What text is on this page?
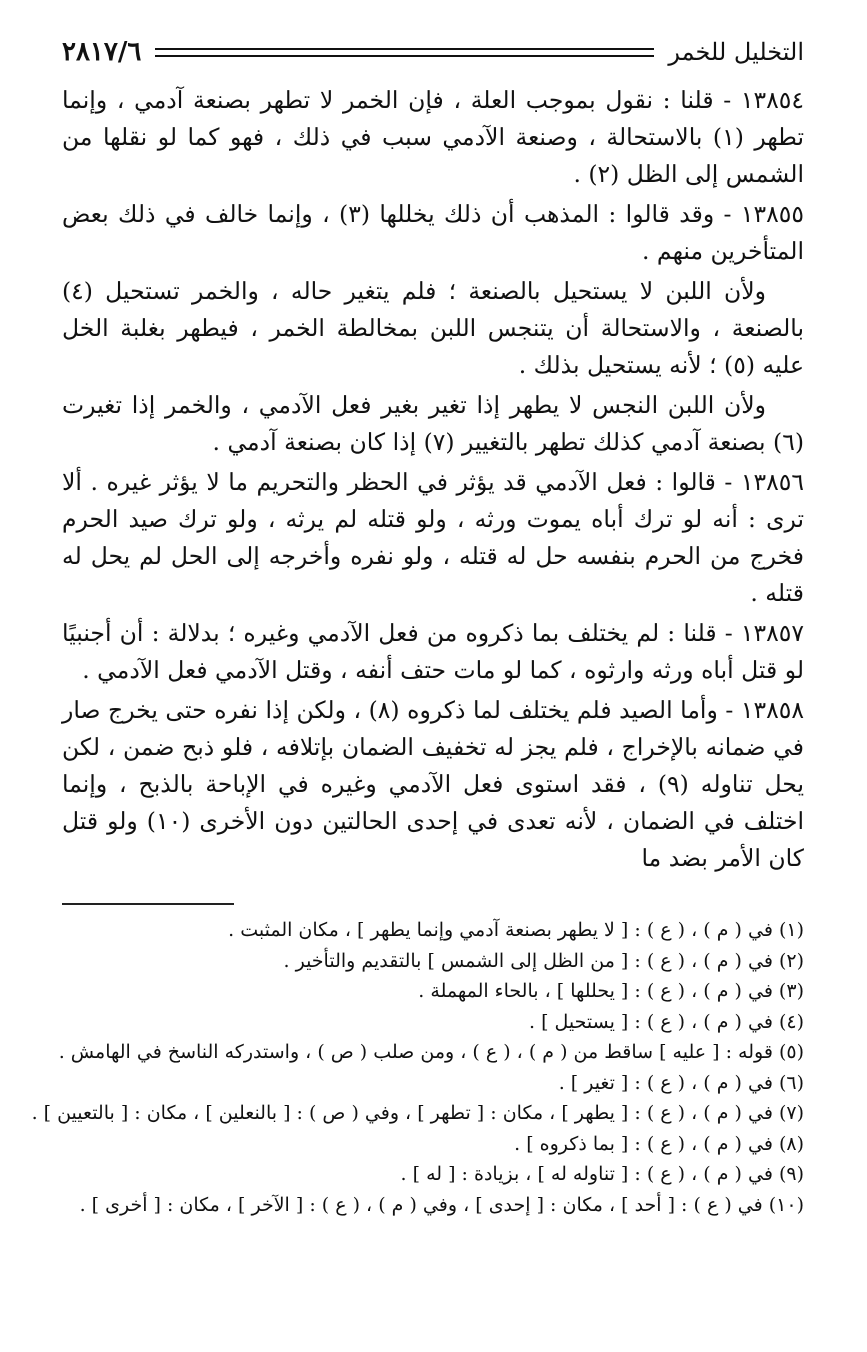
التخليل للخمر
٢٨١٧/٦

١٣٨٥٤ - قلنا : نقول بموجب العلة ، فإن الخمر لا تطهر بصنعة آدمي ، وإنما تطهر (١) بالاستحالة ، وصنعة الآدمي سبب في ذلك ، فهو كما لو نقلها من الشمس إلى الظل (٢) .

١٣٨٥٥ - وقد قالوا : المذهب أن ذلك يخللها (٣) ، وإنما خالف في ذلك بعض المتأخرين منهم .

ولأن اللبن لا يستحيل بالصنعة ؛ فلم يتغير حاله ، والخمر تستحيل (٤) بالصنعة ، والاستحالة أن يتنجس اللبن بمخالطة الخمر ، فيطهر بغلبة الخل عليه (٥) ؛ لأنه يستحيل بذلك .

ولأن اللبن النجس لا يطهر إذا تغير بغير فعل الآدمي ، والخمر إذا تغيرت (٦) بصنعة آدمي كذلك تطهر بالتغيير (٧) إذا كان بصنعة آدمي .

١٣٨٥٦ - قالوا : فعل الآدمي قد يؤثر في الحظر والتحريم ما لا يؤثر غيره . ألا ترى : أنه لو ترك أباه يموت ورثه ، ولو قتله لم يرثه ، ولو ترك صيد الحرم فخرج من الحرم بنفسه حل له قتله ، ولو نفره وأخرجه إلى الحل لم يحل له قتله .

١٣٨٥٧ - قلنا : لم يختلف بما ذكروه من فعل الآدمي وغيره ؛ بدلالة : أن أجنبيًا لو قتل أباه ورثه وارثوه ، كما لو مات حتف أنفه ، وقتل الآدمي فعل الآدمي .

١٣٨٥٨ - وأما الصيد فلم يختلف لما ذكروه (٨) ، ولكن إذا نفره حتى يخرج صار في ضمانه بالإخراج ، فلم يجز له تخفيف الضمان بإتلافه ، فلو ذبح ضمن ، لكن يحل تناوله (٩) ، فقد استوى فعل الآدمي وغيره في الإباحة بالذبح ، وإنما اختلف في الضمان ، لأنه تعدى في إحدى الحالتين دون الأخرى (١٠) ولو قتل كان الأمر بضد ما

(١) في ( م ) ، ( ع ) : [ لا يطهر بصنعة آدمي وإنما يطهر ] ، مكان المثبت .
(٢) في ( م ) ، ( ع ) : [ من الظل إلى الشمس ] بالتقديم والتأخير .
(٣) في ( م ) ، ( ع ) : [ يحللها ] ، بالحاء المهملة .
(٤) في ( م ) ، ( ع ) : [ يستحيل ] .
(٥) قوله : [ عليه ] ساقط من ( م ) ، ( ع ) ، ومن صلب ( ص ) ، واستدركه الناسخ في الهامش .
(٦) في ( م ) ، ( ع ) : [ تغير ] .
(٧) في ( م ) ، ( ع ) : [ يطهر ] ، مكان : [ تطهر ] ، وفي ( ص ) : [ بالنعلين ] ، مكان : [ بالتعيين ] .
(٨) في ( م ) ، ( ع ) : [ بما ذكروه ] .
(٩) في ( م ) ، ( ع ) : [ تناوله له ] ، بزيادة : [ له ] .
(١٠) في ( ع ) : [ أحد ] ، مكان : [ إحدى ] ، وفي ( م ) ، ( ع ) : [ الآخر ] ، مكان : [ أخرى ] .
